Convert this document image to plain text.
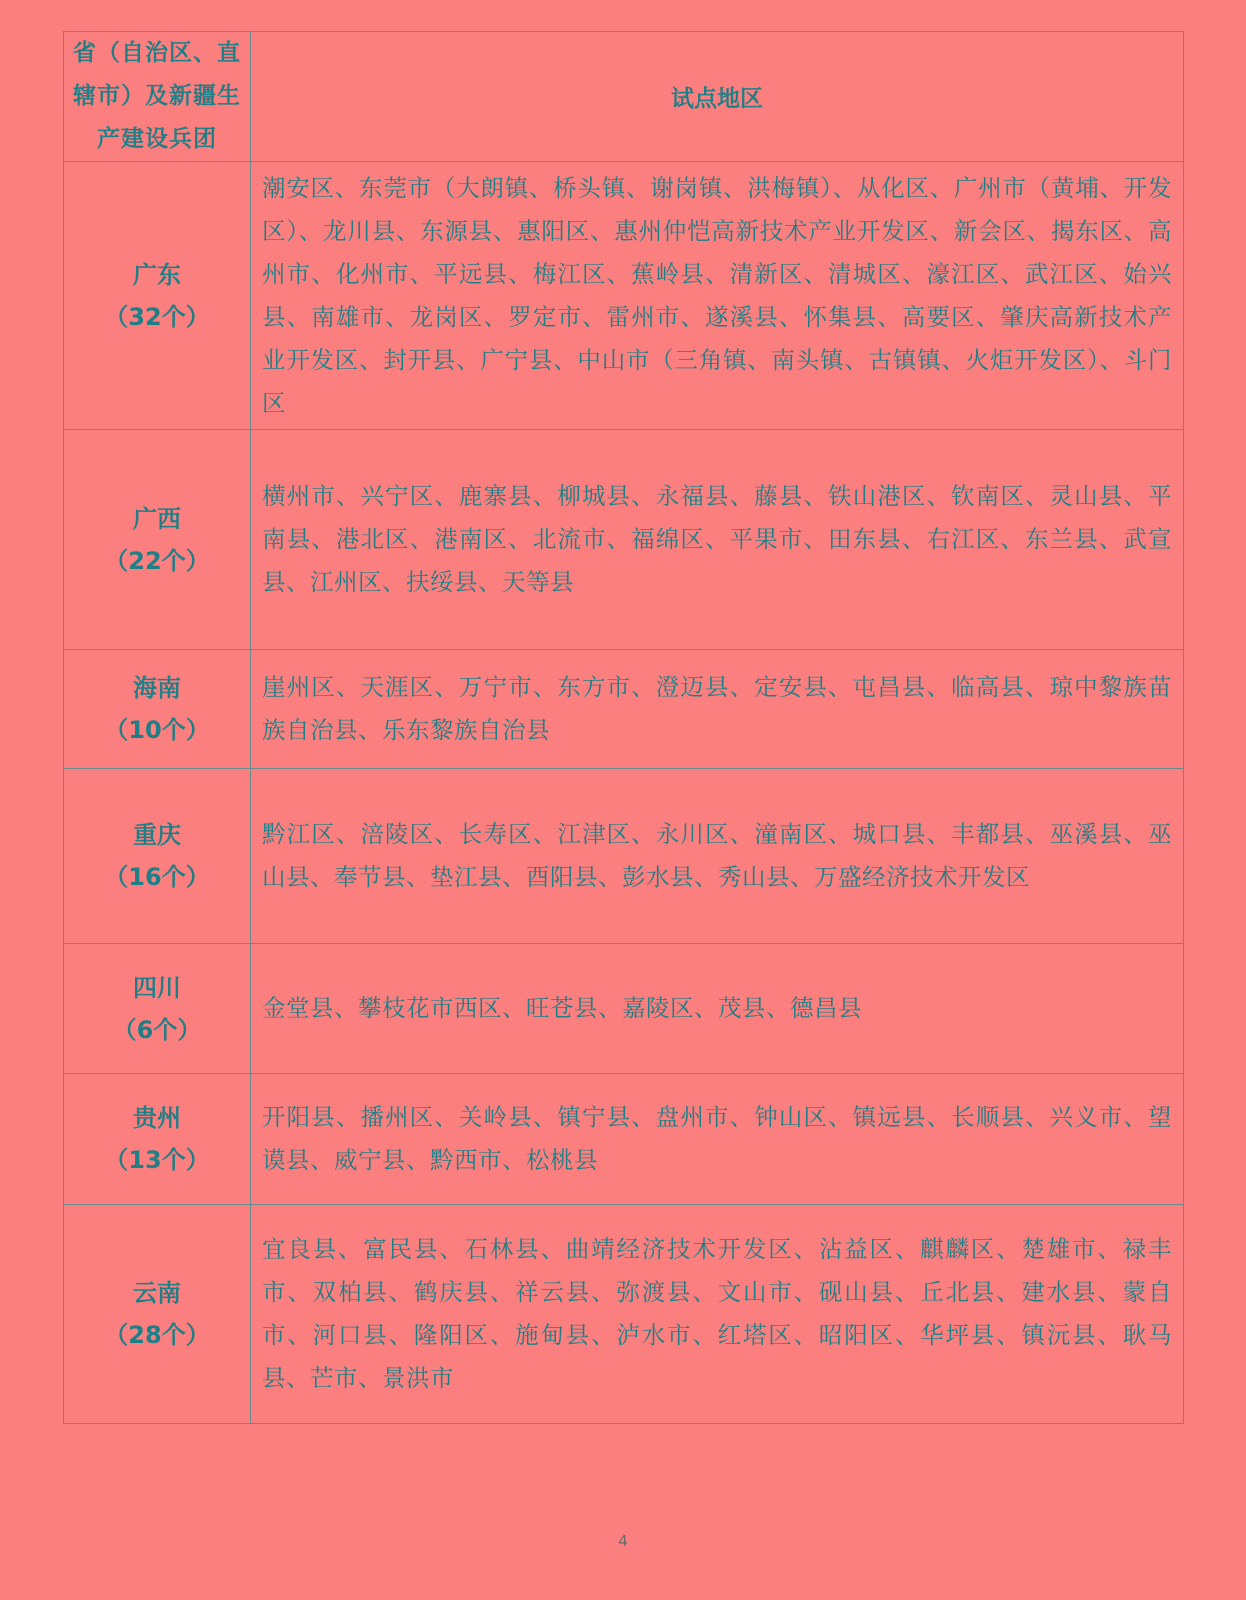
省（自治区、直辖市）及新疆生产建设兵团	试点地区

广东
（32个）	潮安区、东莞市（大朗镇、桥头镇、谢岗镇、洪梅镇）、从化区、广州市（黄埔、开发区）、龙川县、东源县、惠阳区、惠州仲恺高新技术产业开发区、新会区、揭东区、高州市、化州市、平远县、梅江区、蕉岭县、清新区、清城区、濠江区、武江区、始兴县、南雄市、龙岗区、罗定市、雷州市、遂溪县、怀集县、高要区、肇庆高新技术产业开发区、封开县、广宁县、中山市（三角镇、南头镇、古镇镇、火炬开发区）、斗门区

广西
（22个）	横州市、兴宁区、鹿寨县、柳城县、永福县、藤县、铁山港区、钦南区、灵山县、平南县、港北区、港南区、北流市、福绵区、平果市、田东县、右江区、东兰县、武宣县、江州区、扶绥县、天等县

海南
（10个）	崖州区、天涯区、万宁市、东方市、澄迈县、定安县、屯昌县、临高县、琼中黎族苗族自治县、乐东黎族自治县

重庆
（16个）	黔江区、涪陵区、长寿区、江津区、永川区、潼南区、城口县、丰都县、巫溪县、巫山县、奉节县、垫江县、酉阳县、彭水县、秀山县、万盛经济技术开发区

四川
（6个）	金堂县、攀枝花市西区、旺苍县、嘉陵区、茂县、德昌县

贵州
（13个）	开阳县、播州区、关岭县、镇宁县、盘州市、钟山区、镇远县、长顺县、兴义市、望谟县、威宁县、黔西市、松桃县

云南
（28个）	宜良县、富民县、石林县、曲靖经济技术开发区、沾益区、麒麟区、楚雄市、禄丰市、双柏县、鹤庆县、祥云县、弥渡县、文山市、砚山县、丘北县、建水县、蒙自市、河口县、隆阳区、施甸县、泸水市、红塔区、昭阳区、华坪县、镇沅县、耿马县、芒市、景洪市
4
